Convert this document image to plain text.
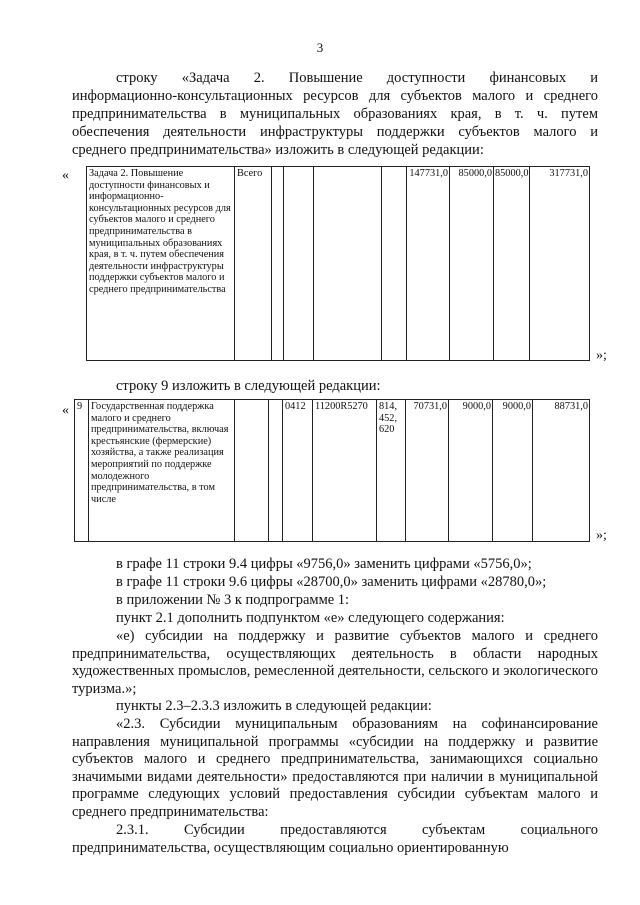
3

строку «Задача 2. Повышение доступности финансовых и

информационно-консультационных ресурсов для субъектов малого и среднего

предпринимательства в муниципальных образованиях края, в т. ч. путем

обеспечения деятельности инфраструктуры поддержки субъектов малого и

среднего предпринимательства» изложить в следующей редакции:

« Задача 2. Повышение доступности финансовых и информационно-консультационных ресурсов для субъектов малого и среднего предпринимательства в муниципальных образованиях края, в т. ч. путем обеспечения деятельности инфраструктуры поддержки субъектов малого и среднего предпринимательства	Всего					147731,0	85000,0	85000,0	317731,0
»;

строку 9 изложить в следующей редакции:

« 9	Государственная поддержка малого и среднего предпринимательства, включая крестьянские (фермерские) хозяйства, а также реализация мероприятий по поддержке молодежного предпринимательства, в том числе			0412	11200R5270	814, 452, 620	70731,0	9000,0	9000,0	88731,0
»;

в графе 11 строки 9.4 цифры «9756,0» заменить цифрами «5756,0»;

в графе 11 строки 9.6 цифры «28700,0» заменить цифрами «28780,0»;

в приложении № 3 к подпрограмме 1:

пункт 2.1 дополнить подпунктом «е» следующего содержания:

«е) субсидии на поддержку и развитие субъектов малого и среднего предпринимательства, осуществляющих деятельность в области народных художественных промыслов, ремесленной деятельности, сельского и экологического туризма.»;

пункты 2.3–2.3.3 изложить в следующей редакции:

«2.3. Субсидии муниципальным образованиям на софинансирование направления муниципальной программы «субсидии на поддержку и развитие субъектов малого и среднего предпринимательства, занимающихся социально значимыми видами деятельности» предоставляются при наличии в муниципальной программе следующих условий предоставления субсидии субъектам малого и среднего предпринимательства:

2.3.1. Субсидии предоставляются субъектам социального предпринимательства, осуществляющим социально ориентированную
